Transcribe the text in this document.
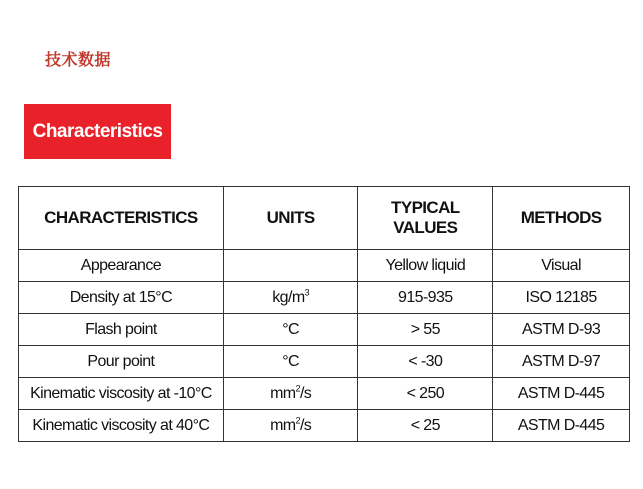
技术数据
Characteristics
CHARACTERISTICS	UNITS	TYPICAL VALUES	METHODS
Appearance		Yellow liquid	Visual
Density at 15°C	$kg/m^3$	915-935	ISO 12185
Flash point	°C	> 55	ASTM D-93
Pour point	°C	< -30	ASTM D-97
Kinematic viscosity at -10°C	$mm^2/s$	< 250	ASTM D-445
Kinematic viscosity at 40°C	$mm^2/s$	< 25	ASTM D-445
